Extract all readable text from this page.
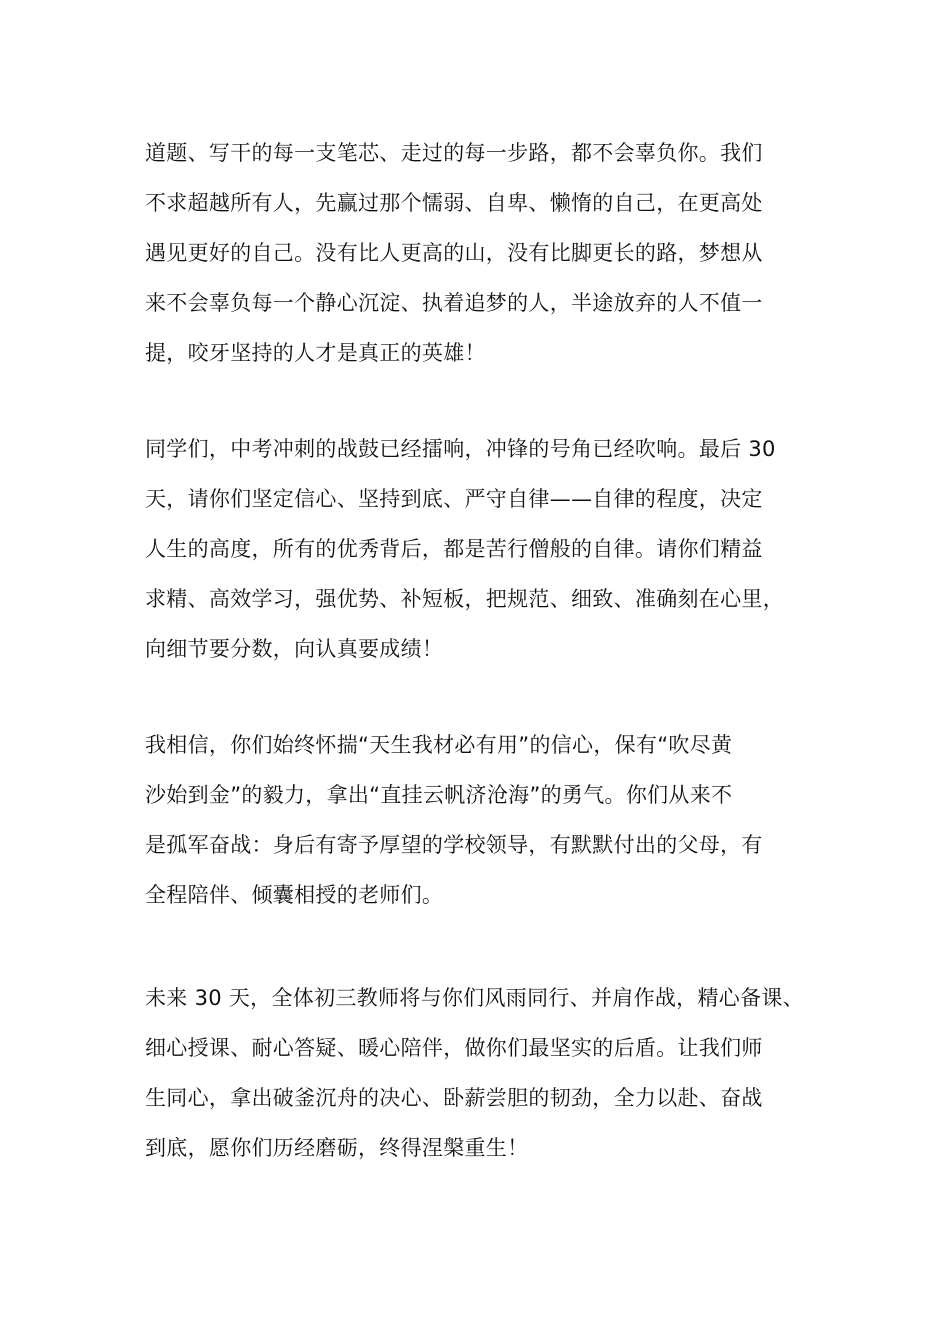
道题、写干的每一支笔芯、走过的每一步路，都不会辜负你。我们
不求超越所有人，先赢过那个懦弱、自卑、懒惰的自己，在更高处
遇见更好的自己。没有比人更高的山，没有比脚更长的路，梦想从
来不会辜负每一个静心沉淀、执着追梦的人，半途放弃的人不值一
提，咬牙坚持的人才是真正的英雄！
同学们，中考冲刺的战鼓已经擂响，冲锋的号角已经吹响。最后 30
天，请你们坚定信心、坚持到底、严守自律——自律的程度，决定
人生的高度，所有的优秀背后，都是苦行僧般的自律。请你们精益
求精、高效学习，强优势、补短板，把规范、细致、准确刻在心里，
向细节要分数，向认真要成绩！
我相信，你们始终怀揣“天生我材必有用”的信心，保有“吹尽黄
沙始到金”的毅力，拿出“直挂云帆济沧海”的勇气。你们从来不
是孤军奋战：身后有寄予厚望的学校领导，有默默付出的父母，有
全程陪伴、倾囊相授的老师们。
未来 30 天，全体初三教师将与你们风雨同行、并肩作战，精心备课、
细心授课、耐心答疑、暖心陪伴，做你们最坚实的后盾。让我们师
生同心，拿出破釜沉舟的决心、卧薪尝胆的韧劲，全力以赴、奋战
到底，愿你们历经磨砺，终得涅槃重生！
